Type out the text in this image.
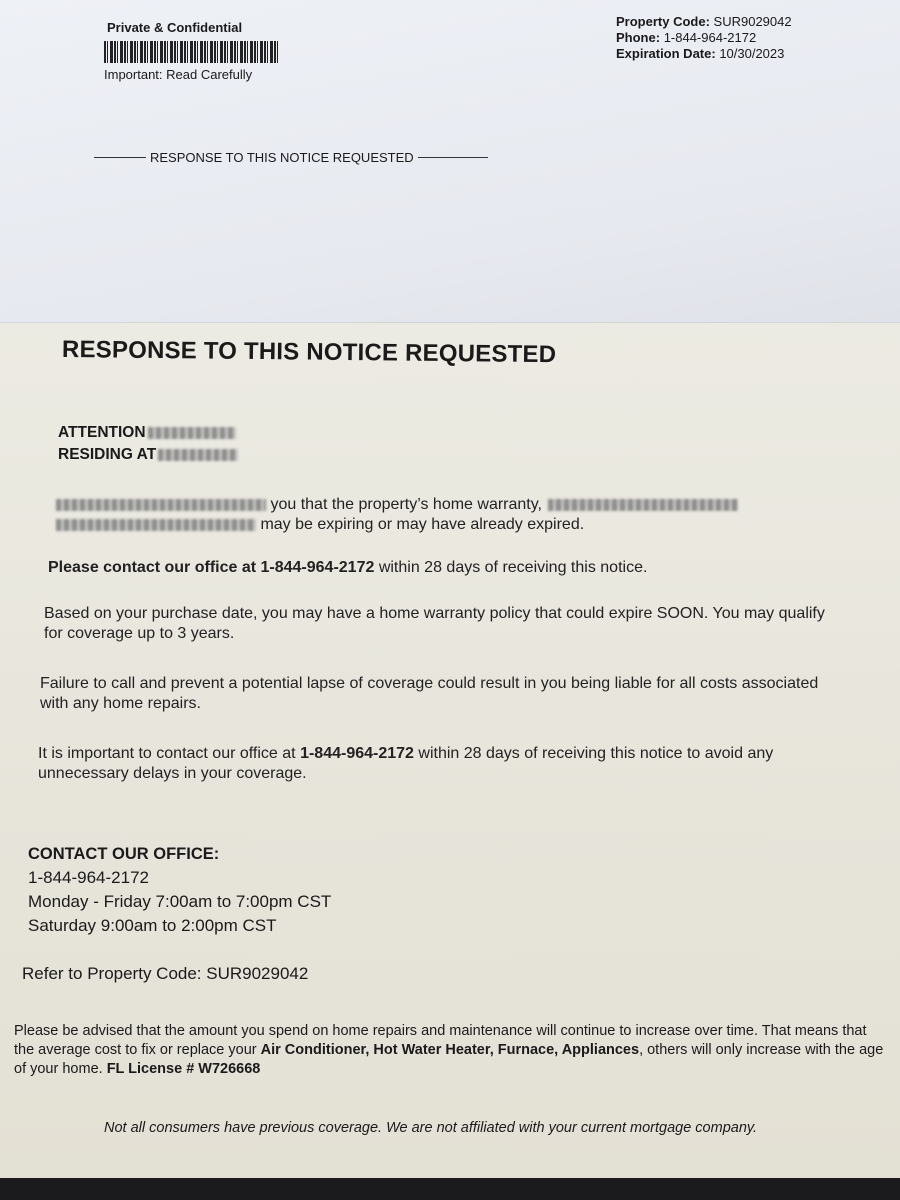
Private & Confidential
Important: Read Carefully
Property Code: SUR9029042
Phone: 1-844-964-2172
Expiration Date: 10/30/2023
RESPONSE TO THIS NOTICE REQUESTED
RESPONSE TO THIS NOTICE REQUESTED
ATTENTION
RESIDING AT
you that the property’s home warranty,
may be expiring or may have already expired.
Please contact our office at 1-844-964-2172 within 28 days of receiving this notice.
Based on your purchase date, you may have a home warranty policy that could expire SOON. You may qualify for coverage up to 3 years.
Failure to call and prevent a potential lapse of coverage could result in you being liable for all costs associated with any home repairs.
It is important to contact our office at 1-844-964-2172 within 28 days of receiving this notice to avoid any unnecessary delays in your coverage.
CONTACT OUR OFFICE:
1-844-964-2172
Monday - Friday 7:00am to 7:00pm CST
Saturday 9:00am to 2:00pm CST
Refer to Property Code: SUR9029042
Please be advised that the amount you spend on home repairs and maintenance will continue to increase over time. That means that the average cost to fix or replace your Air Conditioner, Hot Water Heater, Furnace, Appliances, others will only increase with the age of your home. FL License # W726668
Not all consumers have previous coverage. We are not affiliated with your current mortgage company.
